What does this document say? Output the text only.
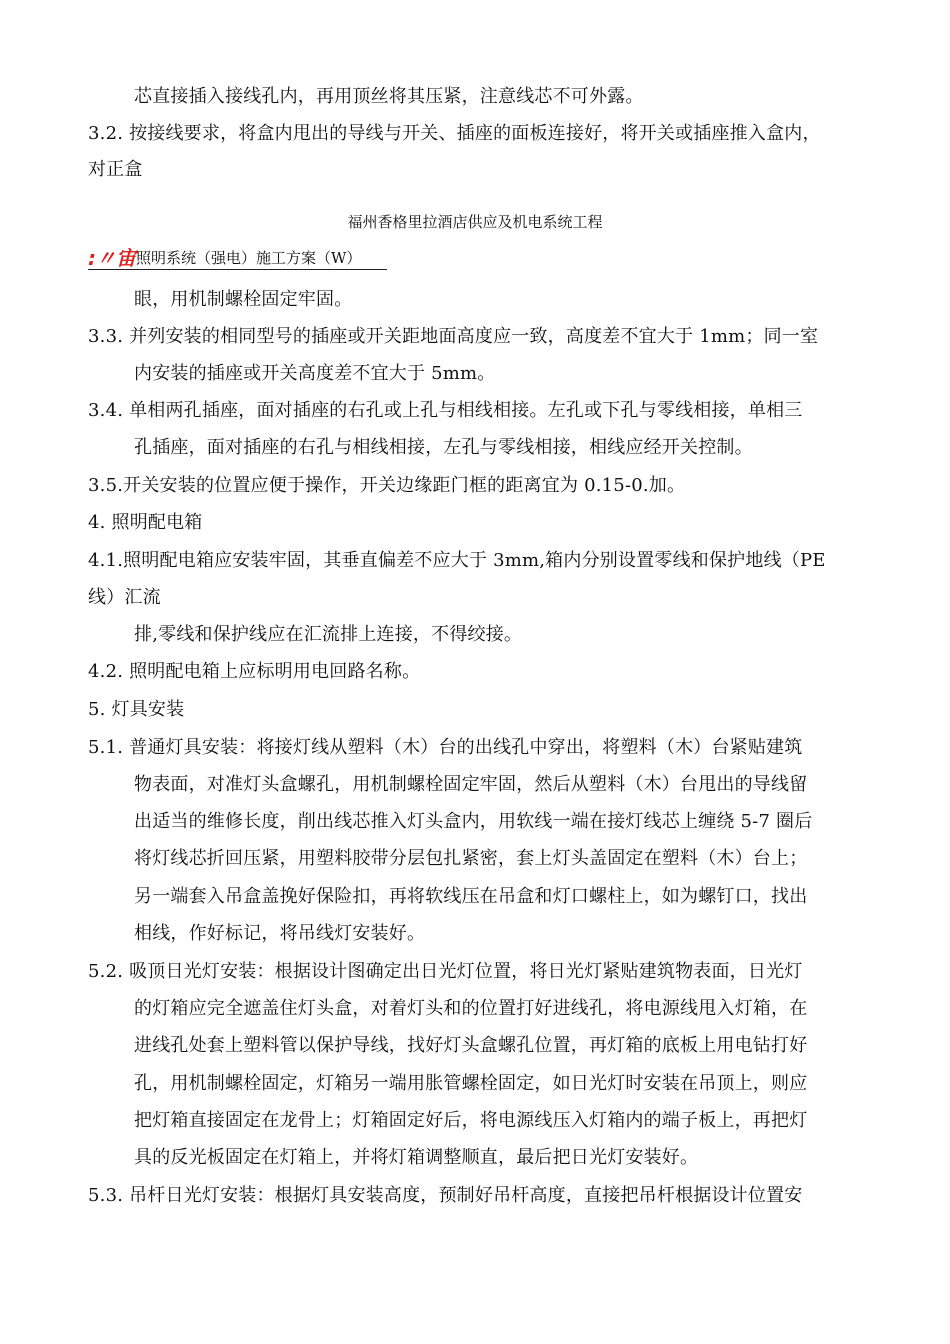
福州香格里拉酒店供应及机电系统工程
:〃宙照明系统（强电）施工方案（W）
芯直接插入接线孔内，再用顶丝将其压紧，注意线芯不可外露。
3.2. 按接线要求，将盒内甩出的导线与开关、插座的面板连接好，将开关或插座推入盒内，
对正盒
眼，用机制螺栓固定牢固。
3.3. 并列安装的相同型号的插座或开关距地面高度应一致，高度差不宜大于 1mm；同一室
内安装的插座或开关高度差不宜大于 5mm。
3.4. 单相两孔插座，面对插座的右孔或上孔与相线相接。左孔或下孔与零线相接，单相三
孔插座，面对插座的右孔与相线相接，左孔与零线相接，相线应经开关控制。
3.5.开关安装的位置应便于操作，开关边缘距门框的距离宜为 0.15-0.加。
4. 照明配电箱
4.1.照明配电箱应安装牢固，其垂直偏差不应大于 3mm,箱内分别设置零线和保护地线（PE
线）汇流
排,零线和保护线应在汇流排上连接，不得绞接。
4.2. 照明配电箱上应标明用电回路名称。
5. 灯具安装
5.1. 普通灯具安装：将接灯线从塑料（木）台的出线孔中穿出，将塑料（木）台紧贴建筑
物表面，对准灯头盒螺孔，用机制螺栓固定牢固，然后从塑料（木）台甩出的导线留
出适当的维修长度，削出线芯推入灯头盒内，用软线一端在接灯线芯上缠绕 5-7 圈后
将灯线芯折回压紧，用塑料胶带分层包扎紧密，套上灯头盖固定在塑料（木）台上；
另一端套入吊盒盖挽好保险扣，再将软线压在吊盒和灯口螺柱上，如为螺钉口，找出
相线，作好标记，将吊线灯安装好。
5.2. 吸顶日光灯安装：根据设计图确定出日光灯位置，将日光灯紧贴建筑物表面，日光灯
的灯箱应完全遮盖住灯头盒，对着灯头和的位置打好进线孔，将电源线甩入灯箱，在
进线孔处套上塑料管以保护导线，找好灯头盒螺孔位置，再灯箱的底板上用电钻打好
孔，用机制螺栓固定，灯箱另一端用胀管螺栓固定，如日光灯时安装在吊顶上，则应
把灯箱直接固定在龙骨上；灯箱固定好后，将电源线压入灯箱内的端子板上，再把灯
具的反光板固定在灯箱上，并将灯箱调整顺直，最后把日光灯安装好。
5.3. 吊杆日光灯安装：根据灯具安装高度，预制好吊杆高度，直接把吊杆根据设计位置安
